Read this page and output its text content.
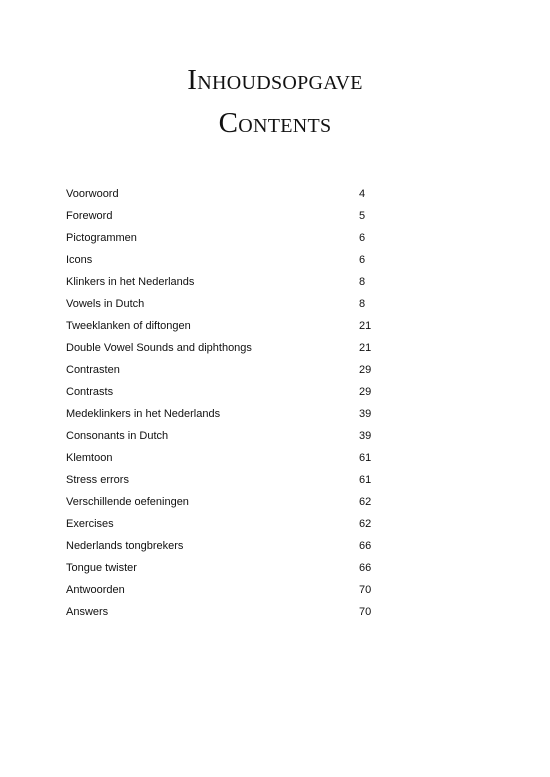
Inhoudsopgave
Contents
Voorwoord	4
Foreword	5
Pictogrammen	6
Icons	6
Klinkers in het Nederlands	8
Vowels in Dutch	8
Tweeklanken of diftongen	21
Double Vowel Sounds and diphthongs	21
Contrasten	29
Contrasts	29
Medeklinkers in het Nederlands	39
Consonants in Dutch	39
Klemtoon	61
Stress errors	61
Verschillende oefeningen	62
Exercises	62
Nederlands tongbrekers	66
Tongue twister	66
Antwoorden	70
Answers	70
